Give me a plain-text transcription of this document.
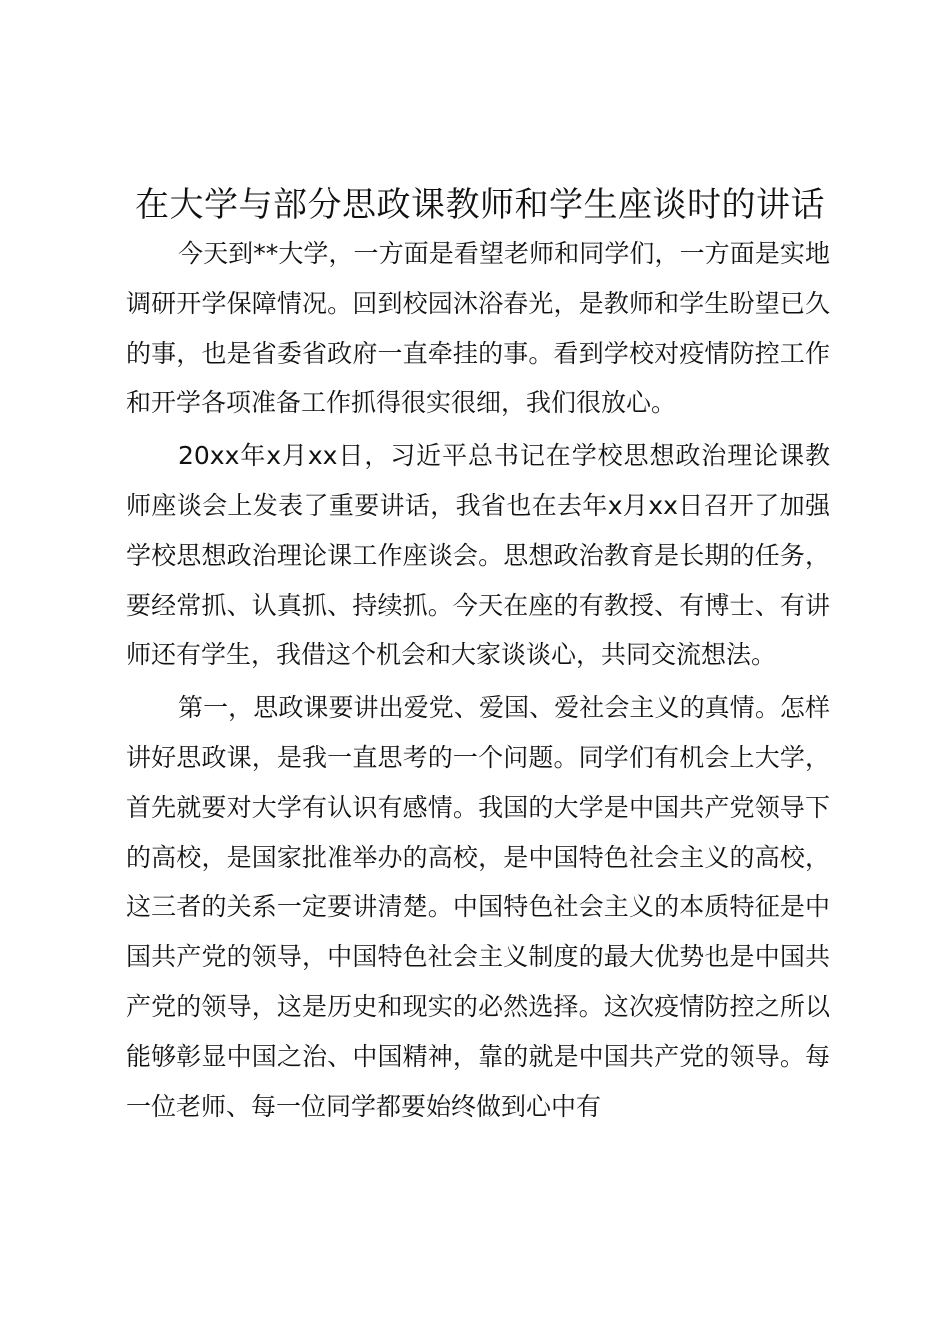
在大学与部分思政课教师和学生座谈时的讲话

今天到**大学，一方面是看望老师和同学们，一方面是实地调研开学保障情况。回到校园沐浴春光，是教师和学生盼望已久的事，也是省委省政府一直牵挂的事。看到学校对疫情防控工作和开学各项准备工作抓得很实很细，我们很放心。

20xx年x月xx日，习近平总书记在学校思想政治理论课教师座谈会上发表了重要讲话，我省也在去年x月xx日召开了加强学校思想政治理论课工作座谈会。思想政治教育是长期的任务，要经常抓、认真抓、持续抓。今天在座的有教授、有博士、有讲师还有学生，我借这个机会和大家谈谈心，共同交流想法。

第一，思政课要讲出爱党、爱国、爱社会主义的真情。怎样讲好思政课，是我一直思考的一个问题。同学们有机会上大学，首先就要对大学有认识有感情。我国的大学是中国共产党领导下的高校，是国家批准举办的高校，是中国特色社会主义的高校，这三者的关系一定要讲清楚。中国特色社会主义的本质特征是中国共产党的领导，中国特色社会主义制度的最大优势也是中国共产党的领导，这是历史和现实的必然选择。这次疫情防控之所以能够彰显中国之治、中国精神，靠的就是中国共产党的领导。每一位老师、每一位同学都要始终做到心中有
